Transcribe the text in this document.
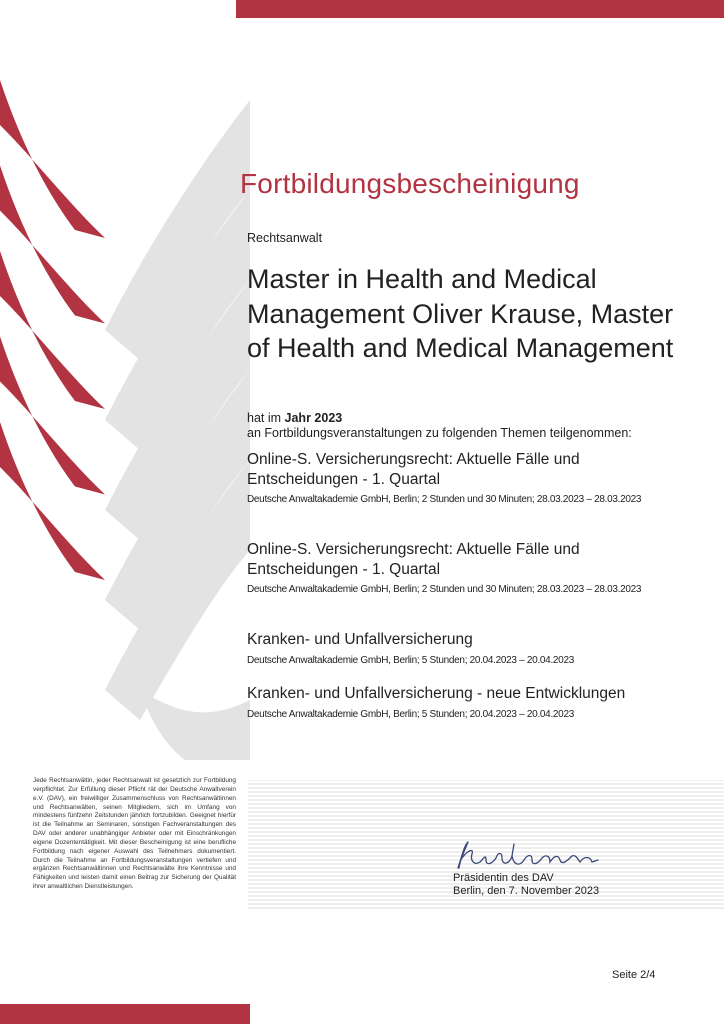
Fortbildungsbescheinigung
Rechtsanwalt
Master in Health and Medical Management Oliver Krause, Master of Health and Medical Management
hat im Jahr 2023
an Fortbildungsveranstaltungen zu folgenden Themen teilgenommen:
Online-S. Versicherungsrecht: Aktuelle Fälle und Entscheidungen - 1. Quartal
Deutsche Anwaltakademie GmbH, Berlin; 2 Stunden und 30 Minuten; 28.03.2023 – 28.03.2023
Online-S. Versicherungsrecht: Aktuelle Fälle und Entscheidungen - 1. Quartal
Deutsche Anwaltakademie GmbH, Berlin; 2 Stunden und 30 Minuten; 28.03.2023 – 28.03.2023
Kranken- und Unfallversicherung
Deutsche Anwaltakademie GmbH, Berlin; 5 Stunden; 20.04.2023 – 20.04.2023
Kranken- und Unfallversicherung - neue Entwicklungen
Deutsche Anwaltakademie GmbH, Berlin; 5 Stunden; 20.04.2023 – 20.04.2023
Jede Rechtsanwältin, jeder Rechtsanwalt ist gesetzlich zur Fortbildung verpflichtet. Zur Erfüllung dieser Pflicht rät der Deutsche Anwaltverein e.V. (DAV), ein freiwilliger Zusammenschluss von Rechtsanwältinnen und Rechtsanwälten, seinen Mitgliedern, sich im Umfang von mindestens fünfzehn Zeitstunden jährlich fortzubilden. Geeignet hierfür ist die Teilnahme an Seminaren, sonstigen Fachveranstaltungen des DAV oder anderer unabhängiger Anbieter oder mit Einschränkungen eigene Dozententätigkeit. Mit dieser Bescheinigung ist eine berufliche Fortbildung nach eigener Auswahl des Teilnehmers dokumentiert. Durch die Teilnahme an Fortbildungsveranstaltungen vertiefen und ergänzen Rechtsanwältinnen und Rechtsanwälte ihre Kenntnisse und Fähigkeiten und leisten damit einen Beitrag zur Sicherung der Qualität ihrer anwaltlichen Dienstleistungen.
Präsidentin des DAV
Berlin, den 7. November 2023
Seite 2/4
